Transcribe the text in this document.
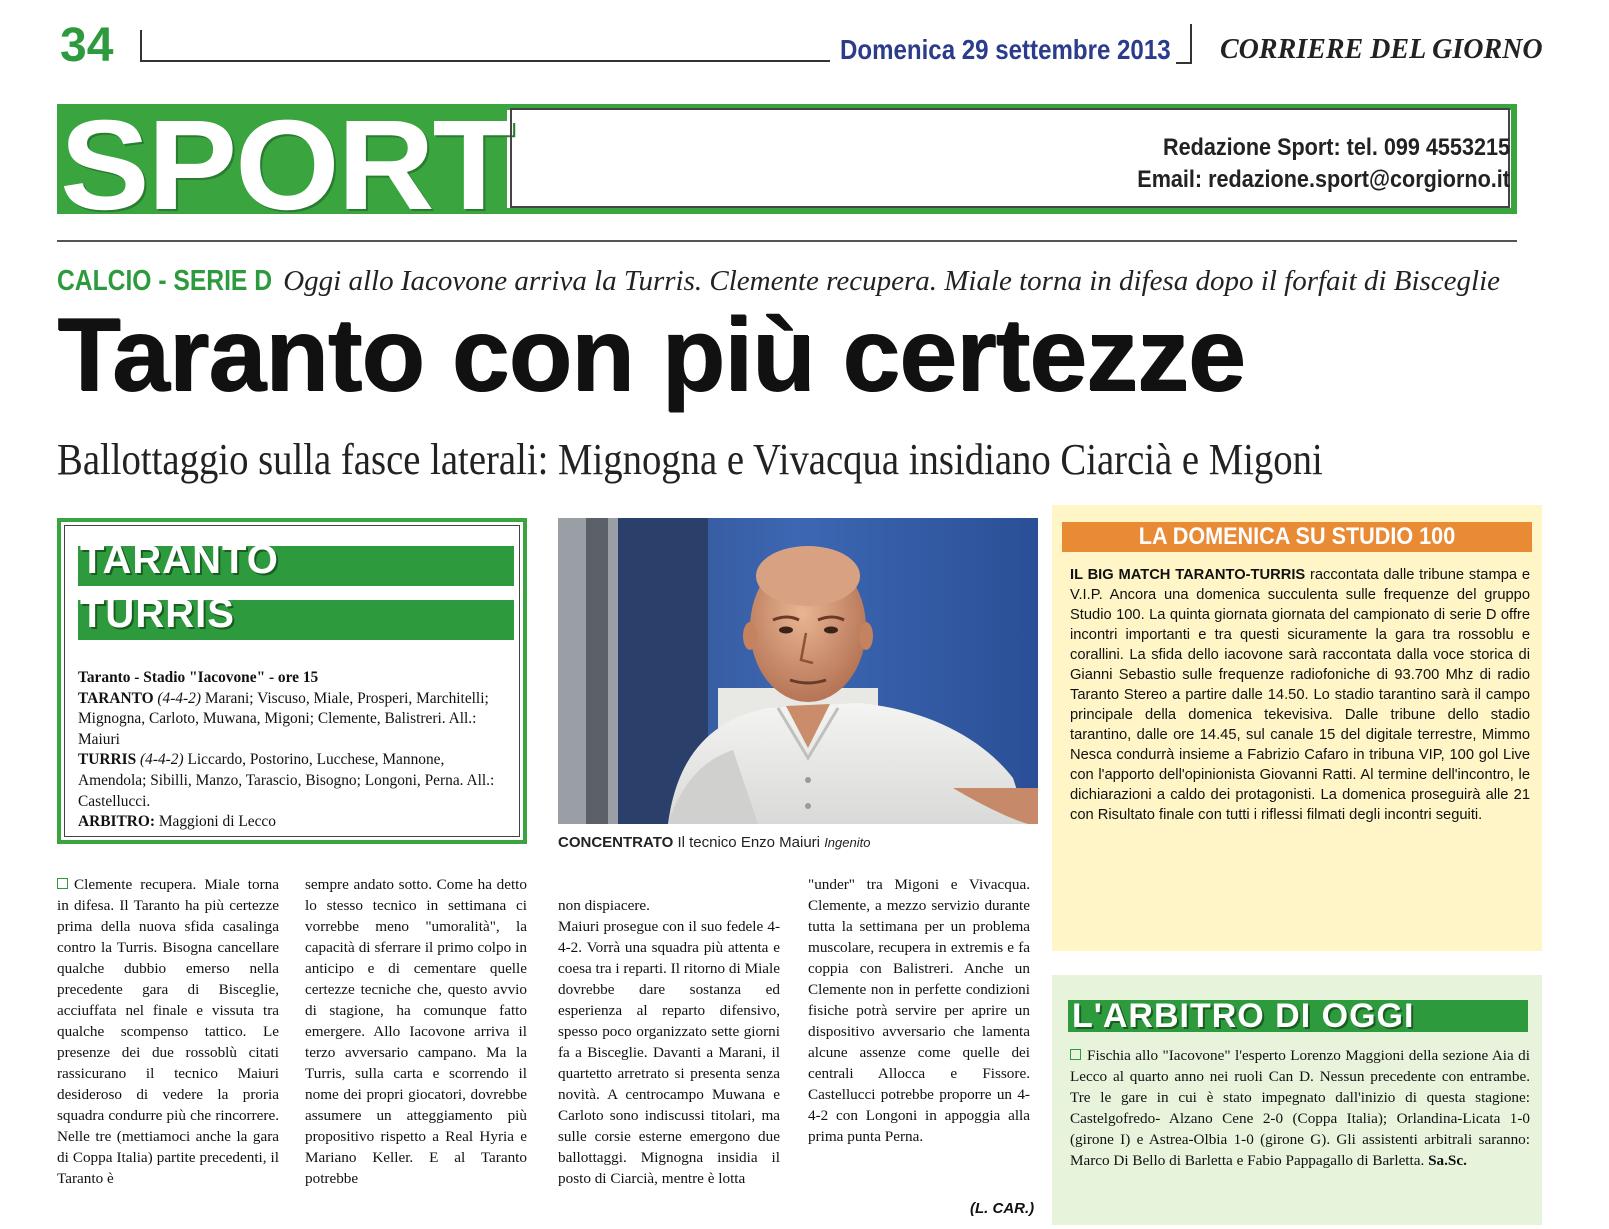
34	Domenica 29 settembre 2013 CORRIERE DEL GIORNO
SPORT	Redazione Sport: tel. 099 4553215
Email: redazione.sport@corgiorno.it
CALCIO - SERIE D Oggi allo Iacovone arriva la Turris. Clemente recupera. Miale torna in difesa dopo il forfait di Bisceglie
Taranto con più certezze
Ballottaggio sulla fasce laterali: Mignogna e Vivacqua insidiano Ciarcià e Migoni
TARANTO
TURRIS

Taranto - Stadio "Iacovone" - ore 15

TARANTO (4-4-2) Marani; Viscuso, Miale, Prosperi, Marchitelli; Mignogna, Carloto, Muwana, Migoni; Clemente, Balistreri. All.: Maiuri

TURRIS (4-4-2) Liccardo, Postorino, Lucchese, Mannone, Amendola; Sibilli, Manzo, Tarascio, Bisogno; Longoni, Perna. All.: Castellucci.

ARBITRO: Maggioni di Lecco

CONCENTRATO Il tecnico Enzo Maiuri Ingenito
LA DOMENICA SU STUDIO 100
IL BIG MATCH TARANTO-TURRIS raccontata dalle tribune stampa e V.I.P. Ancora una domenica succulenta sulle frequenze del gruppo Studio 100. La quinta giornata giornata del campionato di serie D offre incontri importanti e tra questi sicuramente la gara tra rossoblu e corallini. La sfida dello iacovone sarà raccontata dalla voce storica di Gianni Sebastio sulle frequenze radiofoniche di 93.700 Mhz di radio Taranto Stereo a partire dalle 14.50. Lo stadio tarantino sarà il campo principale della domenica tekevisiva. Dalle tribune dello stadio tarantino, dalle ore 14.45, sul canale 15 del digitale terrestre, Mimmo Nesca condurrà insieme a Fabrizio Cafaro in tribuna VIP, 100 gol Live con l'apporto dell'opinionista Giovanni Ratti. Al termine dell'incontro, le dichiarazioni a caldo dei protagonisti. La domenica proseguirà alle 21 con Risultato finale con tutti i riflessi filmati degli incontri seguiti.
L'ARBITRO DI OGGI
Fischia allo "Iacovone" l'esperto Lorenzo Maggioni della sezione Aia di Lecco al quarto anno nei ruoli Can D. Nessun precedente con entrambe. Tre le gare in cui è stato impegnato dall'inizio di questa stagione: Castelgofredo- Alzano Cene 2-0 (Coppa Italia); Orlandina-Licata 1-0 (girone I) e Astrea-Olbia 1-0 (girone G). Gli assistenti arbitrali saranno: Marco Di Bello di Barletta e Fabio Pappagallo di Barletta. Sa.Sc.

Clemente recupera. Miale torna in difesa. Il Taranto ha più certezze prima della nuova sfida casalinga contro la Turris. Bisogna cancellare qualche dubbio emerso nella precedente gara di Bisceglie, acciuffata nel finale e vissuta tra qualche scompenso tattico. Le presenze dei due rossoblù citati rassicurano il tecnico Maiuri desideroso di vedere la proria squadra condurre più che rincorrere. Nelle tre (mettiamoci anche la gara di Coppa Italia) partite precedenti, il Taranto è

sempre andato sotto. Come ha detto lo stesso tecnico in settimana ci vorrebbe meno "umoralità", la capacità di sferrare il primo colpo in anticipo e di cementare quelle certezze tecniche che, questo avvio di stagione, ha comunque fatto emergere. Allo Iacovone arriva il terzo avversario campano. Ma la Turris, sulla carta e scorrendo il nome dei propri giocatori, dovrebbe assumere un atteggiamento più propositivo rispetto a Real Hyria e Mariano Keller. E al Taranto potrebbe

non dispiacere.
Maiuri prosegue con il suo fedele 4-4-2. Vorrà una squadra più attenta e coesa tra i reparti. Il ritorno di Miale dovrebbe dare sostanza ed esperienza al reparto difensivo, spesso poco organizzato sette giorni fa a Bisceglie. Davanti a Marani, il quartetto arretrato si presenta senza novità. A centrocampo Muwana e Carloto sono indiscussi titolari, ma sulle corsie esterne emergono due ballottaggi. Mignogna insidia il posto di Ciarcià, mentre è lotta

"under" tra Migoni e Vivacqua. Clemente, a mezzo servizio durante tutta la settimana per un problema muscolare, recupera in extremis e fa coppia con Balistreri. Anche un Clemente non in perfette condizioni fisiche potrà servire per aprire un dispositivo avversario che lamenta alcune assenze come quelle dei centrali Allocca e Fissore. Castellucci potrebbe proporre un 4-4-2 con Longoni in appoggia alla prima punta Perna.

(L. CAR.)
